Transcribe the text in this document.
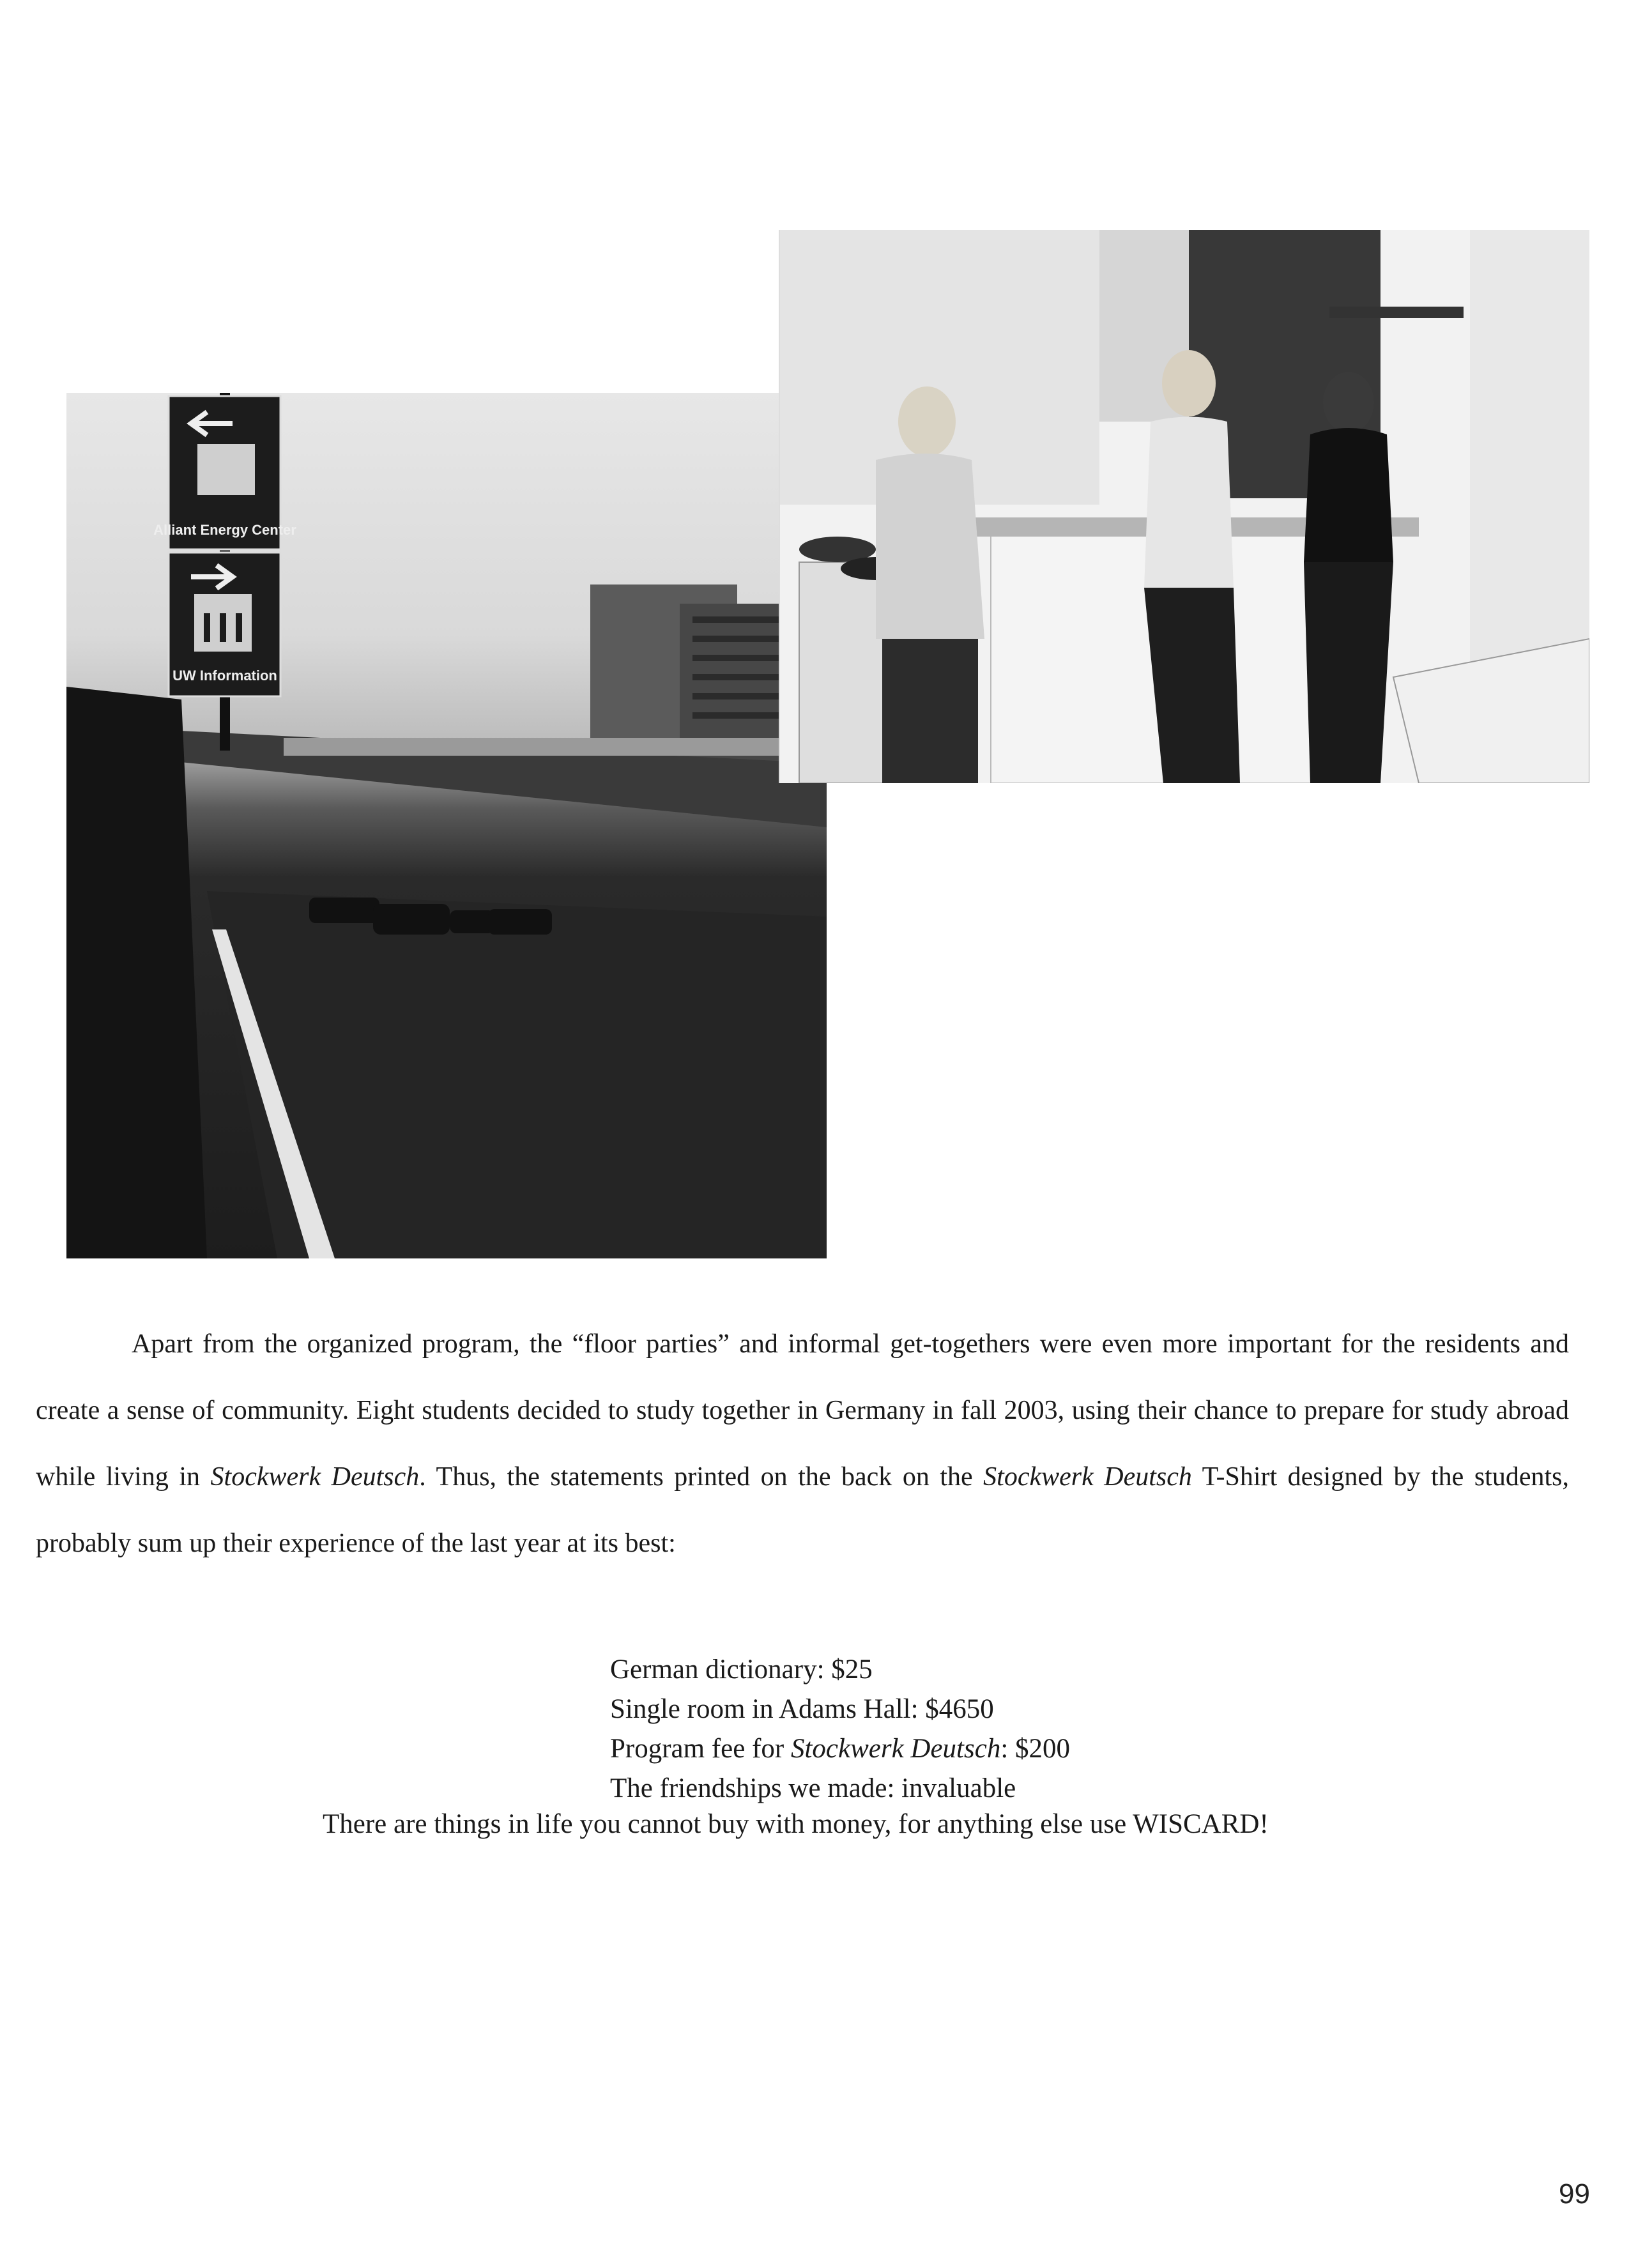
Alliant Energy Center
UW Information

Apart from the organized program, the “floor parties” and informal get-togethers were even more important for the residents and create a sense of community. Eight students decided to study together in Germany in fall 2003, using their chance to prepare for study abroad while living in Stockwerk Deutsch. Thus, the statements printed on the back on the Stockwerk Deutsch T-Shirt designed by the students, probably sum up their experience of the last year at its best:

German dictionary: $25
Single room in Adams Hall: $4650
Program fee for Stockwerk Deutsch: $200
The friendships we made: invaluable
There are things in life you cannot buy with money, for anything else use WISCARD!
99
